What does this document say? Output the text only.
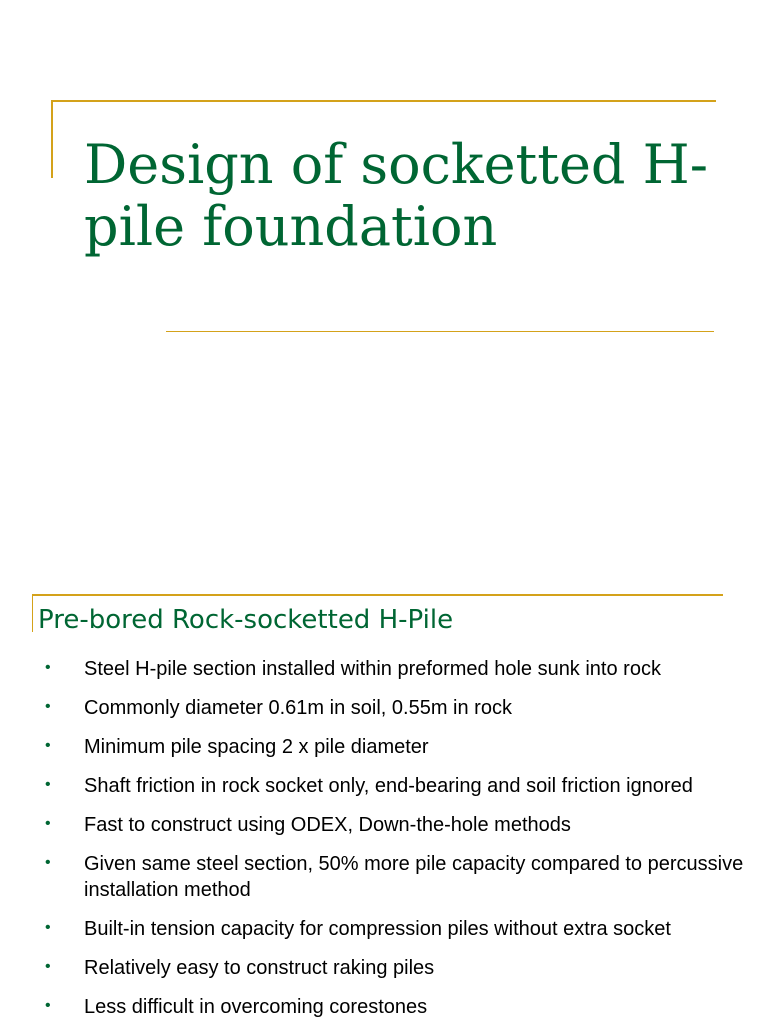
Design of socketted H-pile foundation
Pre-bored Rock-socketted H-Pile
• Steel H-pile section installed within preformed hole sunk into rock
• Commonly diameter 0.61m in soil, 0.55m in rock
• Minimum pile spacing 2 x pile diameter
• Shaft friction in rock socket only, end-bearing and soil friction ignored
• Fast to construct using ODEX, Down-the-hole methods
• Given same steel section, 50% more pile capacity compared to percussive installation method
• Built-in tension capacity for compression piles without extra socket
• Relatively easy to construct raking piles
• Less difficult in overcoming corestones
